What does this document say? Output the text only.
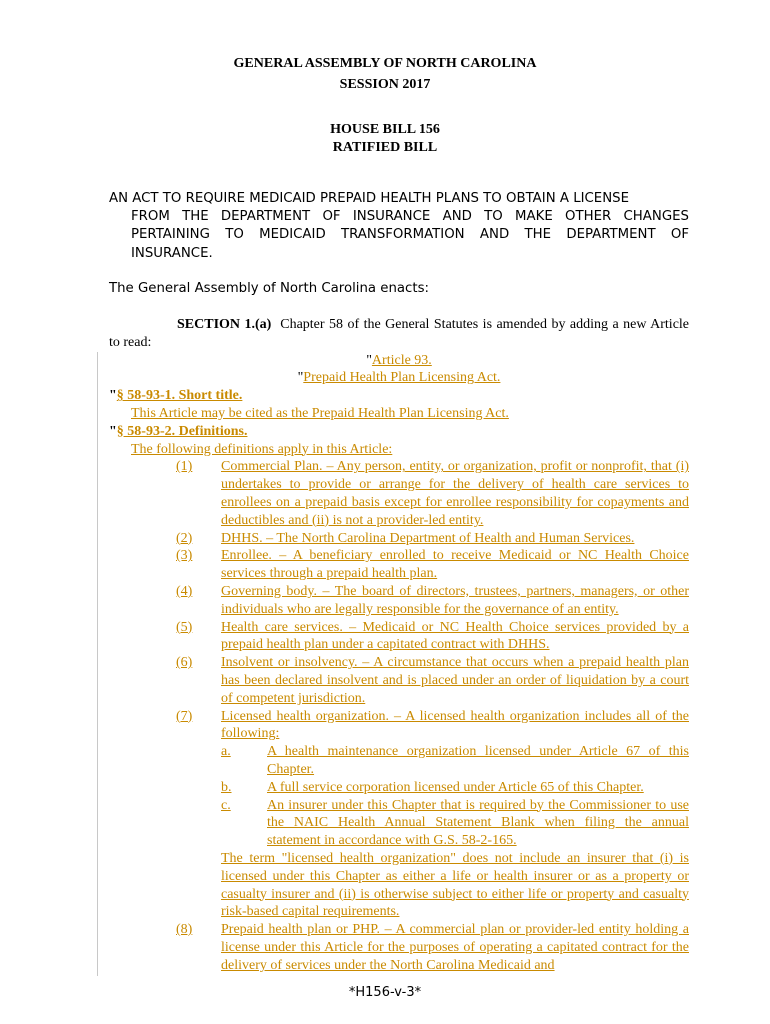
GENERAL ASSEMBLY OF NORTH CAROLINA
SESSION 2017
HOUSE BILL 156
RATIFIED BILL
AN ACT TO REQUIRE MEDICAID PREPAID HEALTH PLANS TO OBTAIN A LICENSE
FROM THE DEPARTMENT OF INSURANCE AND TO MAKE OTHER CHANGES PERTAINING TO MEDICAID TRANSFORMATION AND THE DEPARTMENT OF INSURANCE.
The General Assembly of North Carolina enacts:

SECTION 1.(a) Chapter 58 of the General Statutes is amended by adding a new Article to read:

"Article 93.

"Prepaid Health Plan Licensing Act.

"§ 58-93-1. Short title.

This Article may be cited as the Prepaid Health Plan Licensing Act.

"§ 58-93-2. Definitions.

The following definitions apply in this Article:

(1)	Commercial Plan. – Any person, entity, or organization, profit or nonprofit, that (i) undertakes to provide or arrange for the delivery of health care services to enrollees on a prepaid basis except for enrollee responsibility for copayments and deductibles and (ii) is not a provider-led entity.
(2)	DHHS. – The North Carolina Department of Health and Human Services.
(3)	Enrollee. – A beneficiary enrolled to receive Medicaid or NC Health Choice services through a prepaid health plan.
(4)	Governing body. – The board of directors, trustees, partners, managers, or other individuals who are legally responsible for the governance of an entity.
(5)	Health care services. – Medicaid or NC Health Choice services provided by a prepaid health plan under a capitated contract with DHHS.
(6)	Insolvent or insolvency. – A circumstance that occurs when a prepaid health plan has been declared insolvent and is placed under an order of liquidation by a court of competent jurisdiction.
(7)	Licensed health organization. – A licensed health organization includes all of the following:
a.	A health maintenance organization licensed under Article 67 of this Chapter.
b.	A full service corporation licensed under Article 65 of this Chapter.
c.	An insurer under this Chapter that is required by the Commissioner to use the NAIC Health Annual Statement Blank when filing the annual statement in accordance with G.S. 58-2-165.

The term "licensed health organization" does not include an insurer that (i) is licensed under this Chapter as either a life or health insurer or as a property or casualty insurer and (ii) is otherwise subject to either life or property and casualty risk-based capital requirements.

(8)	Prepaid health plan or PHP. – A commercial plan or provider-led entity holding a license under this Article for the purposes of operating a capitated contract for the delivery of services under the North Carolina Medicaid and
*H156-v-3*
